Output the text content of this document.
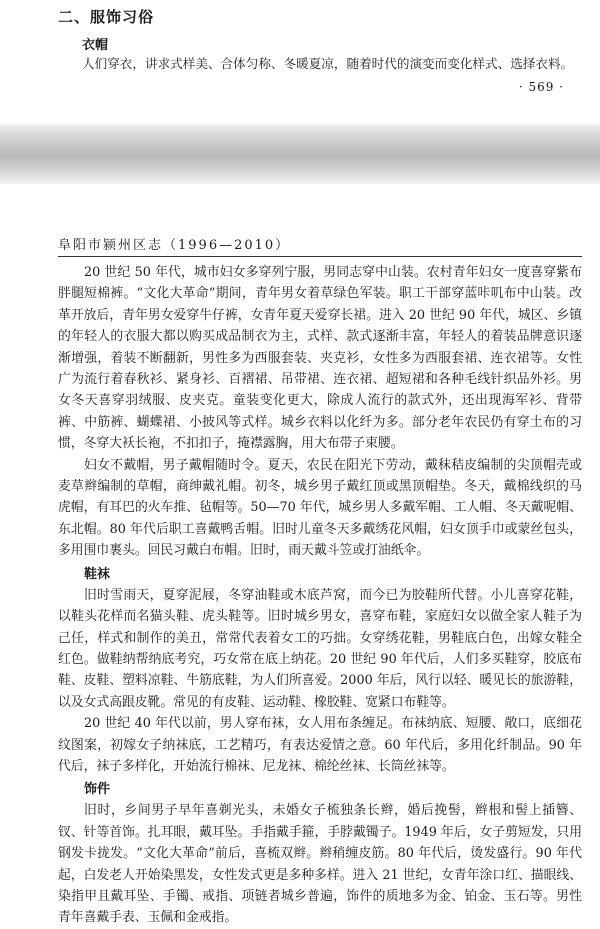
二、服饰习俗
衣帽
人们穿衣，讲求式样美、合体匀称、冬暖夏凉，随着时代的演变而变化样式、选择衣料。
· 569 ·
阜阳市颍州区志（1996—2010）

20 世纪 50 年代，城市妇女多穿列宁服，男同志穿中山装。农村青年妇女一度喜穿紫布胖腿短棉裤。“文化大革命”期间，青年男女着草绿色军装。职工干部穿蓝咔叽布中山装。改革开放后，青年男女爱穿牛仔裤，女青年夏天爱穿长裙。进入 20 世纪 90 年代，城区、乡镇的年轻人的衣服大都以购买成品制衣为主，式样、款式逐渐丰富，年轻人的着装品牌意识逐渐增强，着装不断翻新，男性多为西服套装、夹克衫，女性多为西服套裙、连衣裙等。女性广为流行着春秋衫、紧身衫、百褶裙、吊带裙、连衣裙、超短裙和各种毛线针织品外衫。男女冬天喜穿羽绒服、皮夹克。童装变化更大，除成人流行的款式外，还出现海军衫、背带裤、中筋裤、蝴蝶裙、小披风等式样。城乡衣料以化纤为多。部分老年农民仍有穿土布的习惯，冬穿大袄长袍，不扣扣子，掩襟露胸，用大布带子束腰。

妇女不戴帽，男子戴帽随时令。夏天，农民在阳光下劳动，戴秣秸皮编制的尖顶帽壳或麦草辫编制的草帽，商绅戴礼帽。初冬，城乡男子戴红顶或黑顶帽垫。冬天，戴棉线织的马虎帽，有耳巴的火车推、毡帽等。50—70 年代，城乡男人多戴军帽、工人帽、冬天戴呢帽、东北帽。80 年代后职工喜戴鸭舌帽。旧时儿童冬天多戴绣花风帽，妇女顶手巾或蒙丝包头，多用围巾裹头。回民习戴白布帽。旧时，雨天戴斗笠或打油纸伞。

鞋袜

旧时雪雨天，夏穿泥屐，冬穿油鞋或木底芦窝，而今已为胶鞋所代替。小儿喜穿花鞋，以鞋头花样而名猫头鞋、虎头鞋等。旧时城乡男女，喜穿布鞋，家庭妇女以做全家人鞋子为己任，样式和制作的美丑，常常代表着女工的巧拙。女穿绣花鞋，男鞋底白色，出嫁女鞋全红色。做鞋纳帮纳底考究，巧女常在底上纳花。20 世纪 90 年代后，人们多买鞋穿，胶底布鞋、皮鞋、塑料凉鞋、牛筋底鞋，为人们所喜爱。2000 年后，风行以轻、暖见长的旅游鞋，以及女式高跟皮靴。常见的有皮鞋、运动鞋、橡胶鞋、宽紧口布鞋等。

20 世纪 40 年代以前，男人穿布袜，女人用布条缠足。布袜纳底、短腰、敞口，底细花纹图案，初嫁女子纳袜底，工艺精巧，有表达爱情之意。60 年代后，多用化纤制品。90 年代后，袜子多样化，开始流行棉袜、尼龙袜、棉纶丝袜、长筒丝袜等。

饰件

旧时，乡间男子早年喜剃光头，未婚女子梳独条长辫，婚后挽髻，辫根和髻上插簪、钗、针等首饰。扎耳眼，戴耳坠。手指戴手箍，手脖戴镯子。1949 年后，女子剪短发，只用钢发卡拢发。“文化大革命”前后，喜梳双辫。辫稍缠皮筋。80 年代后，烫发盛行。90 年代起，白发老人开始染黑发，女性发式更是多种多样。进入 21 世纪，女青年涂口红、描眼线、染指甲且戴耳坠、手镯、戒指、项链者城乡普遍，饰件的质地多为金、铂金、玉石等。男性青年喜戴手表、玉佩和金戒指。
